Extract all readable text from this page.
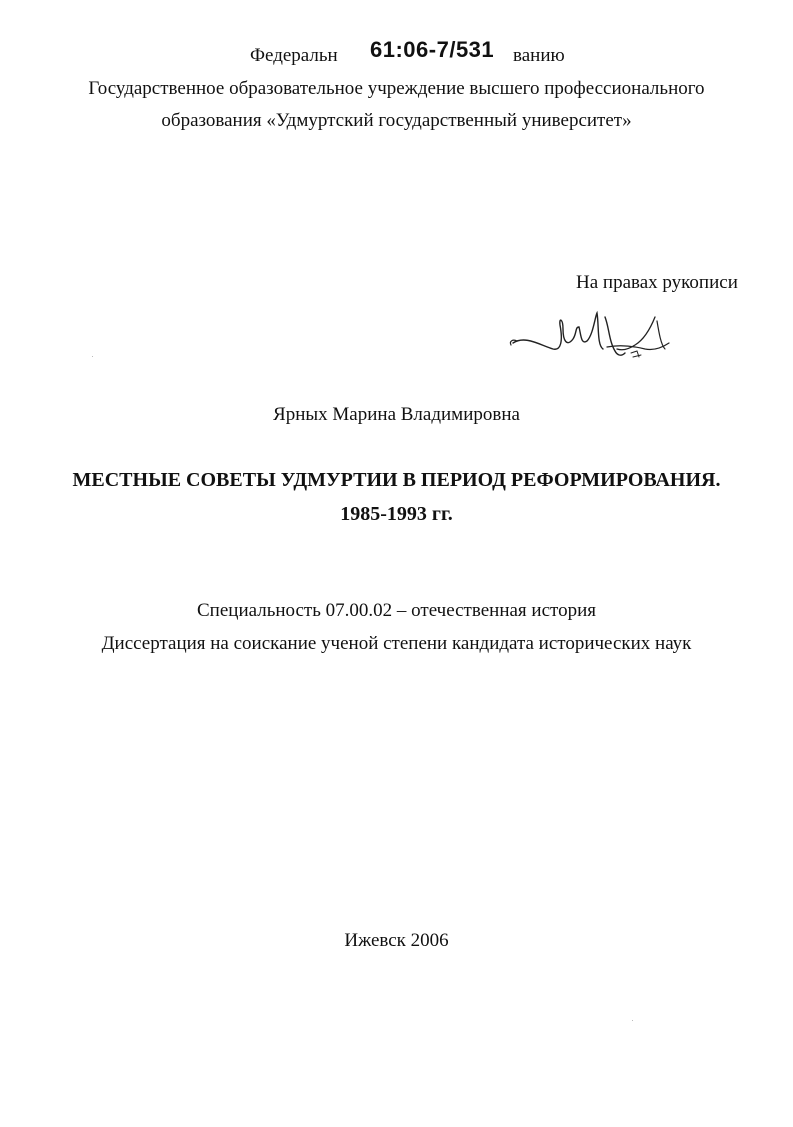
Федеральн 61:06-7/531 ванию
Государственное образовательное учреждение высшего профессионального
образования «Удмуртский государственный университет»
На правах рукописи
Ярных Марина Владимировна
МЕСТНЫЕ СОВЕТЫ УДМУРТИИ В ПЕРИОД РЕФОРМИРОВАНИЯ.
1985-1993 гг.
Специальность 07.00.02 – отечественная история
Диссертация на соискание ученой степени кандидата исторических наук
Ижевск 2006
